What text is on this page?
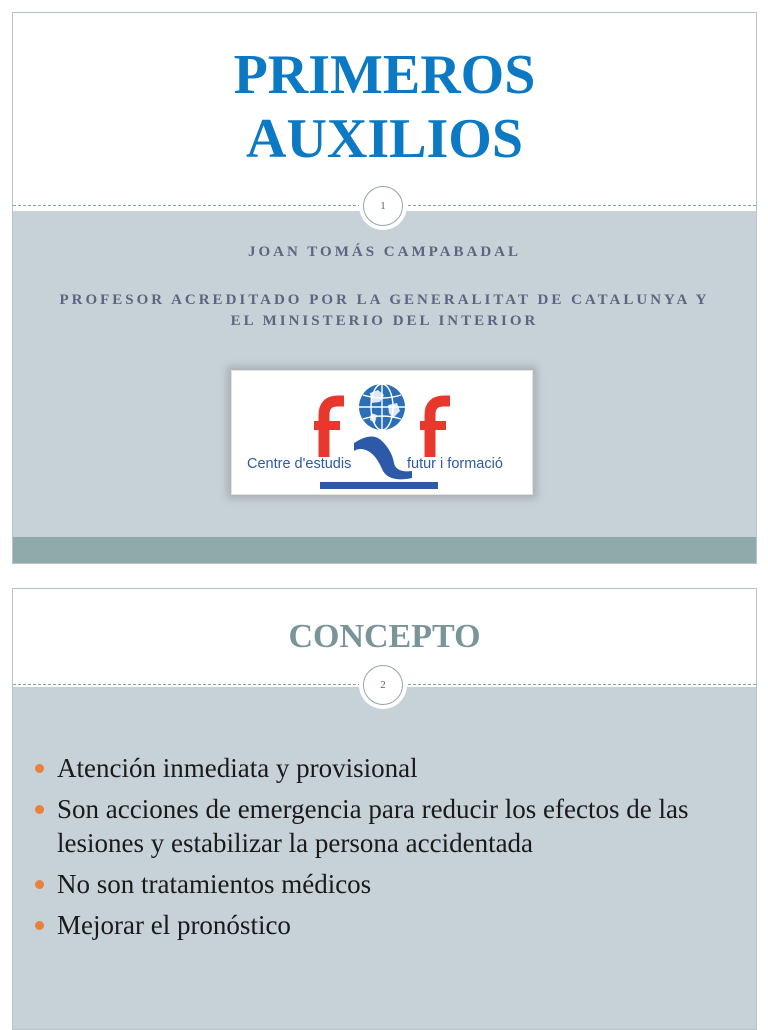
PRIMEROS
AUXILIOS
1

JOAN TOMÁS CAMPABADAL

PROFESOR ACREDITADO POR LA GENERALITAT DE CATALUNYA Y EL MINISTERIO DEL INTERIOR

Centre d'estudis	futur i formació
CONCEPTO
2
Atención inmediata y provisional
Son acciones de emergencia para reducir los efectos de las lesiones y estabilizar la persona accidentada
No son tratamientos médicos
Mejorar el pronóstico
